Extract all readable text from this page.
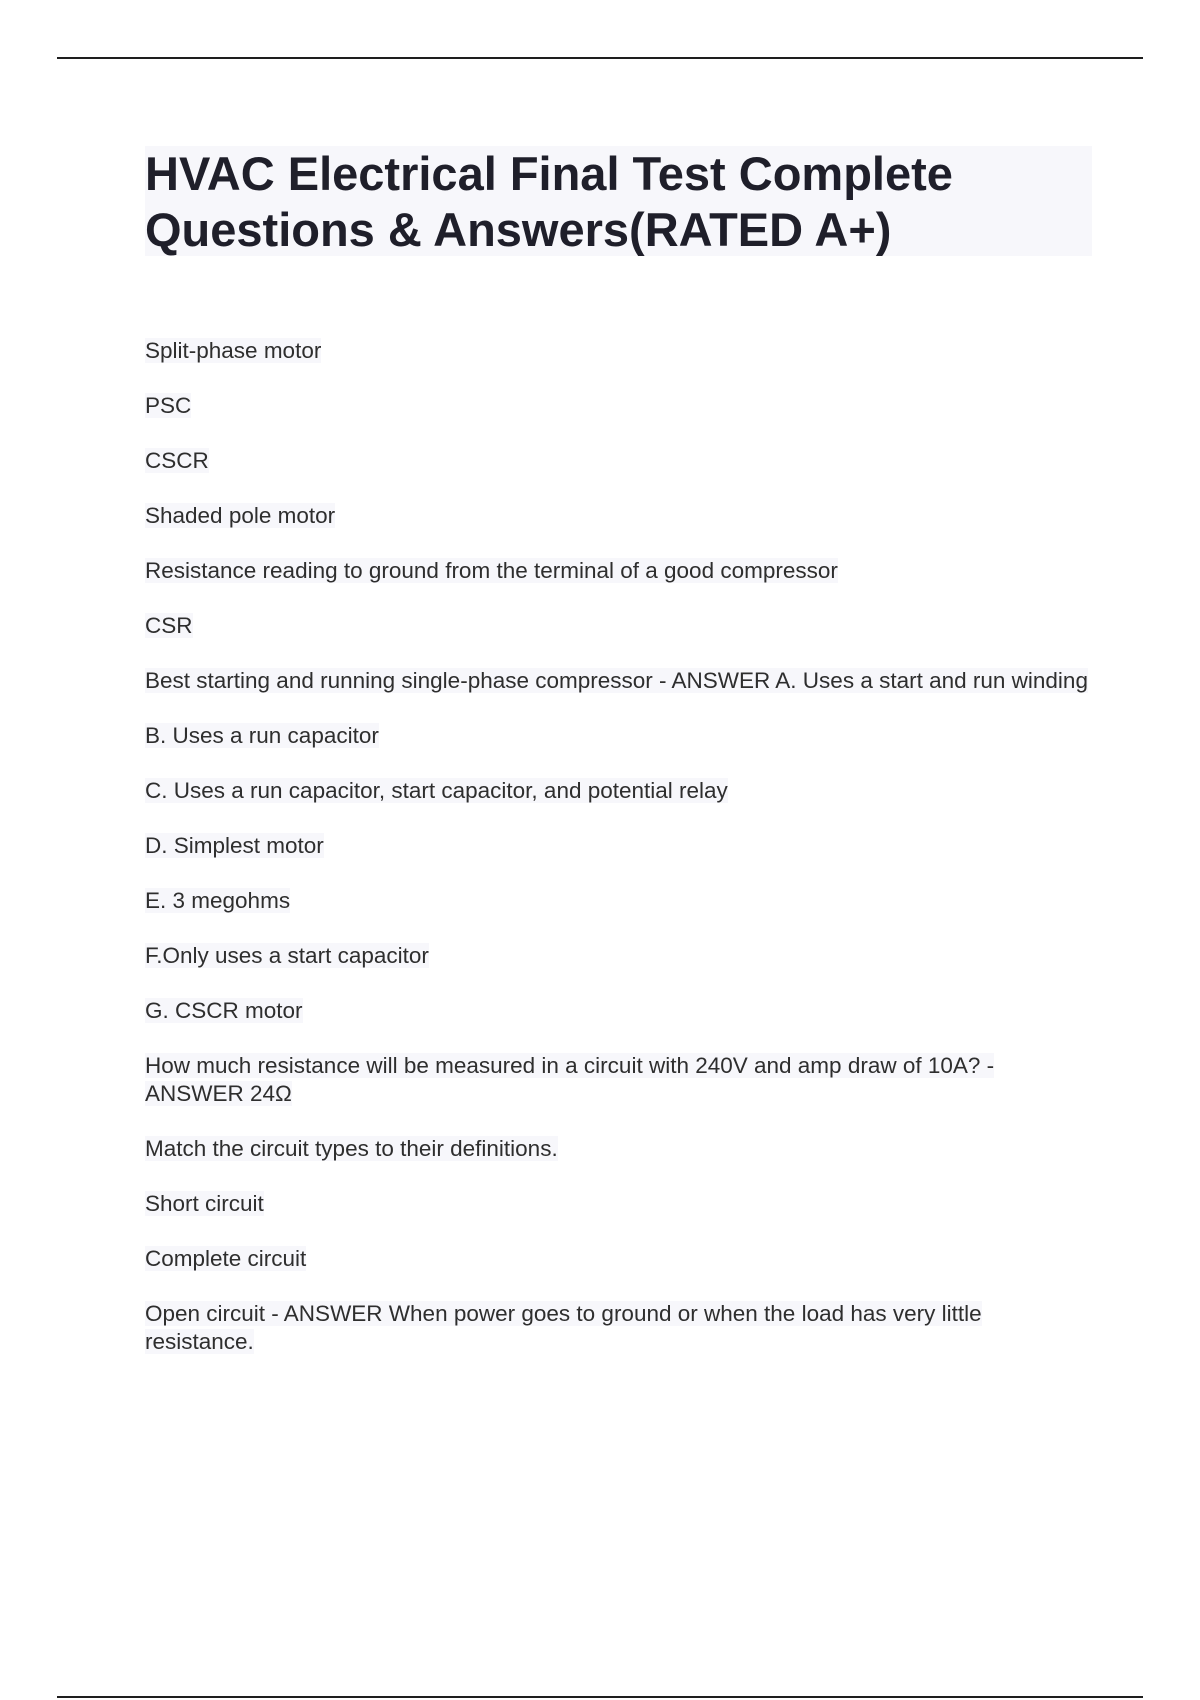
HVAC Electrical Final Test Complete Questions & Answers(RATED A+)
Split-phase motor
PSC
CSCR
Shaded pole motor
Resistance reading to ground from the terminal of a good compressor
CSR
Best starting and running single-phase compressor - ANSWER A. Uses a start and run winding
B. Uses a run capacitor
C. Uses a run capacitor, start capacitor, and potential relay
D. Simplest motor
E. 3 megohms
F.Only uses a start capacitor
G. CSCR motor
How much resistance will be measured in a circuit with 240V and amp draw of 10A? - ANSWER 24Ω
Match the circuit types to their definitions.
Short circuit
Complete circuit
Open circuit - ANSWER When power goes to ground or when the load has very little resistance.
